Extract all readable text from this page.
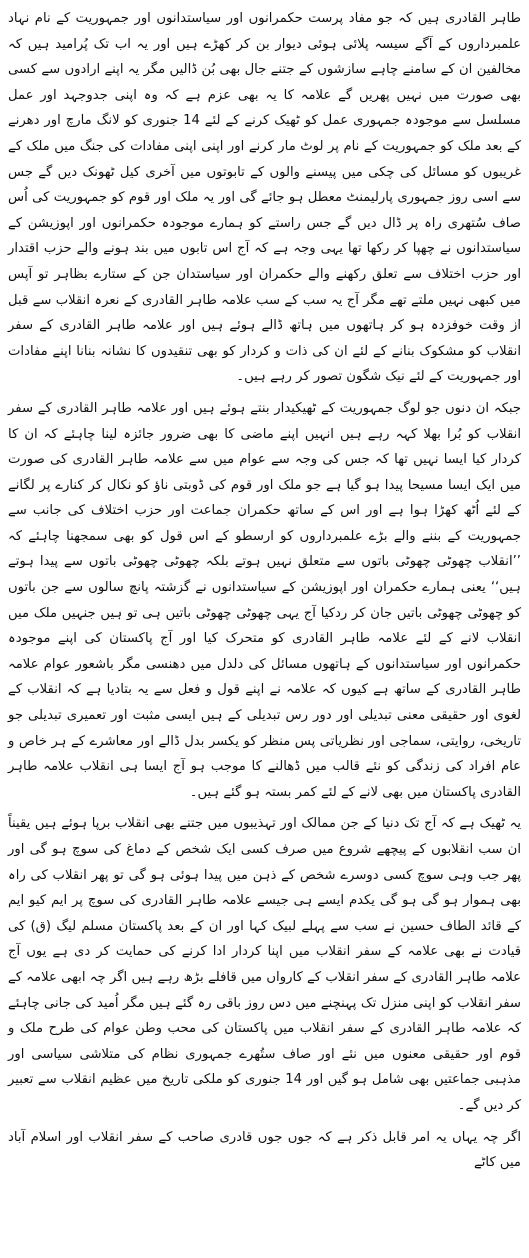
طاہر القادری ہیں کہ جو مفاد پرست حکمرانوں اور سیاستدانوں اور جمہوریت کے نام نہاد علمبرداروں کے آگے سیسہ پلائی ہوئی دیوار بن کر کھڑے ہیں اور یہ اب تک پُرامید ہیں کہ مخالفین ان کے سامنے چاہے سازشوں کے جتنے جال بھی بُن ڈالیں مگر یہ اپنے ارادوں سے کسی بھی صورت میں نہیں پھریں گے علامہ کا یہ بھی عزم ہے کہ وہ اپنی جدوجہد اور عمل مسلسل سے موجودہ جمہوری عمل کو ٹھیک کرنے کے لئے 14 جنوری کو لانگ مارچ اور دھرنے کے بعد ملک کو جمہوریت کے نام پر لوٹ مار کرنے اور اپنی اپنی مفادات کی جنگ میں ملک کے غریبوں کو مسائل کی چکی میں پیسنے والوں کے تابوتوں میں آخری کیل ٹھونک دیں گے جس سے اسی روز جمہوری پارلیمنٹ معطل ہو جائے گی اور یہ ملک اور قوم کو جمہوریت کی اُس صاف سُتھری راہ پر ڈال دیں گے جس راستے کو ہمارے موجودہ حکمرانوں اور اپوزیشن کے سیاستدانوں نے چھپا کر رکھا تھا یہی وجہ ہے کہ آج اس تابوں میں بند ہونے والے حزب اقتدار اور حزب اختلاف سے تعلق رکھنے والے حکمران اور سیاستدان جن کے ستارے بظاہر تو آپس میں کبھی نہیں ملتے تھے مگر آج یہ سب کے سب علامہ طاہر القادری کے نعرہ انقلاب سے قبل از وقت خوفزدہ ہو کر ہاتھوں میں ہاتھ ڈالے ہوئے ہیں اور علامہ طاہر القادری کے سفر انقلاب کو مشکوک بنانے کے لئے ان کی ذات و کردار کو بھی تنقیدوں کا نشانہ بنانا اپنے مفادات اور جمہوریت کے لئے نیک شگون تصور کر رہے ہیں۔

جبکہ ان دنوں جو لوگ جمہوریت کے ٹھیکیدار بنتے ہوئے ہیں اور علامہ طاہر القادری کے سفر انقلاب کو بُرا بھلا کہہ رہے ہیں انہیں اپنے ماضی کا بھی ضرور جائزہ لینا چاہئے کہ ان کا کردار کیا ایسا نہیں تھا کہ جس کی وجہ سے عوام میں سے علامہ طاہر القادری کی صورت میں ایک ایسا مسیحا پیدا ہو گیا ہے جو ملک اور قوم کی ڈوبتی ناؤ کو نکال کر کنارے پر لگانے کے لئے اُٹھ کھڑا ہوا ہے اور اس کے ساتھ حکمران جماعت اور حزب اختلاف کی جانب سے جمہوریت کے بننے والے بڑے علمبرداروں کو ارسطو کے اس قول کو بھی سمجھنا چاہئے کہ ’’انقلاب چھوٹی چھوٹی باتوں سے متعلق نہیں ہوتے بلکہ چھوٹی چھوٹی باتوں سے پیدا ہوتے ہیں‘‘ یعنی ہمارے حکمران اور اپوزیشن کے سیاستدانوں نے گزشتہ پانچ سالوں سے جن باتوں کو چھوٹی چھوٹی باتیں جان کر ردکیا آج یہی چھوٹی چھوٹی باتیں ہی تو ہیں جنہیں ملک میں انقلاب لانے کے لئے علامہ طاہر القادری کو متحرک کیا اور آج پاکستان کی اپنے موجودہ حکمرانوں اور سیاستدانوں کے ہاتھوں مسائل کی دلدل میں دھنسی مگر باشعور عوام علامہ طاہر القادری کے ساتھ ہے کیوں کہ علامہ نے اپنے قول و فعل سے یہ بتادیا ہے کہ انقلاب کے لغوی اور حقیقی معنی تبدیلی اور دور رس تبدیلی کے ہیں ایسی مثبت اور تعمیری تبدیلی جو تاریخی، روایتی، سماجی اور نظریاتی پس منظر کو یکسر بدل ڈالے اور معاشرے کے ہر خاص و عام افراد کی زندگی کو نئے قالب میں ڈھالنے کا موجب ہو آج ایسا ہی انقلاب علامہ طاہر القادری پاکستان میں بھی لانے کے لئے کمر بستہ ہو گئے ہیں۔

یہ ٹھیک ہے کہ آج تک دنیا کے جن ممالک اور تہذیبوں میں جتنے بھی انقلاب برپا ہوئے ہیں یقیناً ان سب انقلابوں کے پیچھے شروع میں صرف کسی ایک شخص کے دماغ کی سوچ ہو گی اور پھر جب وہی سوچ کسی دوسرے شخص کے ذہن میں پیدا ہوئی ہو گی تو پھر انقلاب کی راہ بھی ہموار ہو گی ہو گی یکدم ایسے ہی جیسے علامہ طاہر القادری کی سوچ پر ایم کیو ایم کے قائد الطاف حسین نے سب سے پہلے لبیک کہا اور ان کے بعد پاکستان مسلم لیگ (ق) کی قیادت نے بھی علامہ کے سفر انقلاب میں اپنا کردار ادا کرنے کی حمایت کر دی ہے یوں آج علامہ طاہر القادری کے سفر انقلاب کے کارواں میں قافلے بڑھ رہے ہیں اگر چہ ابھی علامہ کے سفر انقلاب کو اپنی منزل تک پہنچنے میں دس روز باقی رہ گئے ہیں مگر اُمید کی جانی چاہئے کہ علامہ طاہر القادری کے سفر انقلاب میں پاکستان کی محب وطن عوام کی طرح ملک و قوم اور حقیقی معنوں میں نئے اور صاف ستُھرے جمہوری نظام کی متلاشی سیاسی اور مذہبی جماعتیں بھی شامل ہو گیں اور 14 جنوری کو ملکی تاریخ میں عظیم انقلاب سے تعبیر کر دیں گے۔

اگر چہ یہاں یہ امر قابل ذکر ہے کہ جوں جوں قادری صاحب کے سفر انقلاب اور اسلام آباد میں کاٹے
